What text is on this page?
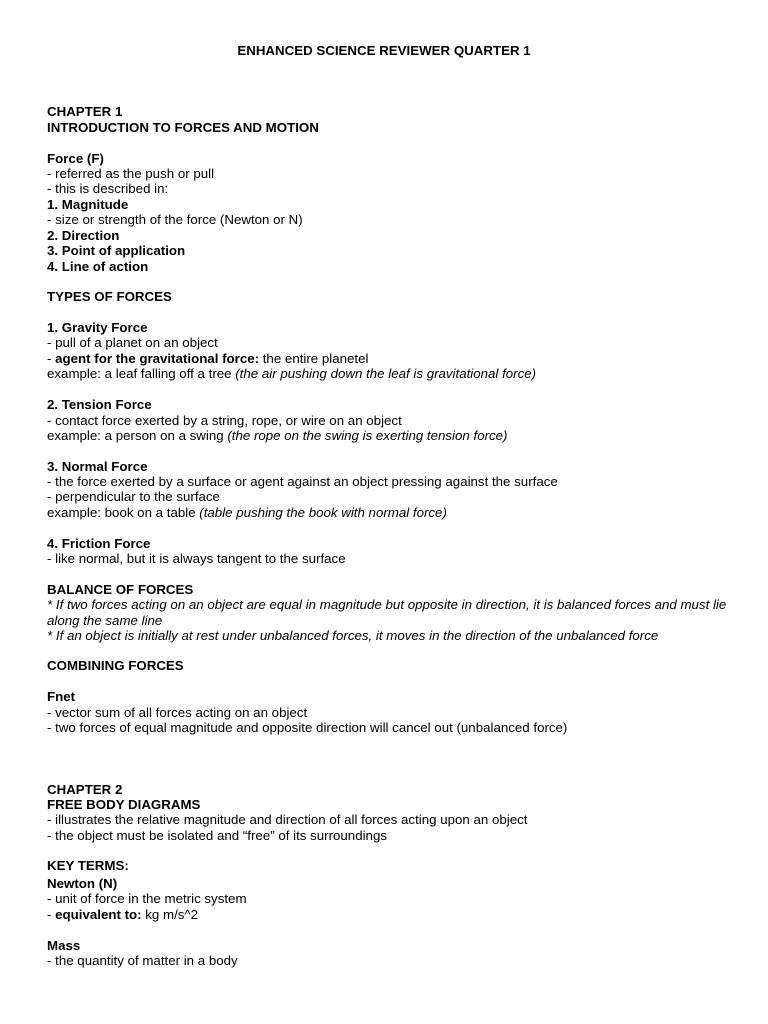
ENHANCED SCIENCE REVIEWER QUARTER 1
CHAPTER 1
INTRODUCTION TO FORCES AND MOTION
Force (F)
- referred as the push or pull
- this is described in:
1. Magnitude
- size or strength of the force (Newton or N)
2. Direction
3. Point of application
4. Line of action
TYPES OF FORCES
1. Gravity Force
- pull of a planet on an object
- agent for the gravitational force: the entire planetel
example: a leaf falling off a tree (the air pushing down the leaf is gravitational force)
2. Tension Force
- contact force exerted by a string, rope, or wire on an object
example: a person on a swing (the rope on the swing is exerting tension force)
3. Normal Force
- the force exerted by a surface or agent against an object pressing against the surface
- perpendicular to the surface
example: book on a table (table pushing the book with normal force)
4. Friction Force
- like normal, but it is always tangent to the surface
BALANCE OF FORCES
* If two forces acting on an object are equal in magnitude but opposite in direction, it is balanced forces and must lie along the same line
* If an object is initially at rest under unbalanced forces, it moves in the direction of the unbalanced force
COMBINING FORCES
Fnet
- vector sum of all forces acting on an object
- two forces of equal magnitude and opposite direction will cancel out (unbalanced force)
CHAPTER 2
FREE BODY DIAGRAMS
- illustrates the relative magnitude and direction of all forces acting upon an object
- the object must be isolated and “free” of its surroundings
KEY TERMS:
Newton (N)
- unit of force in the metric system
- equivalent to: kg m/s^2
Mass
- the quantity of matter in a body
